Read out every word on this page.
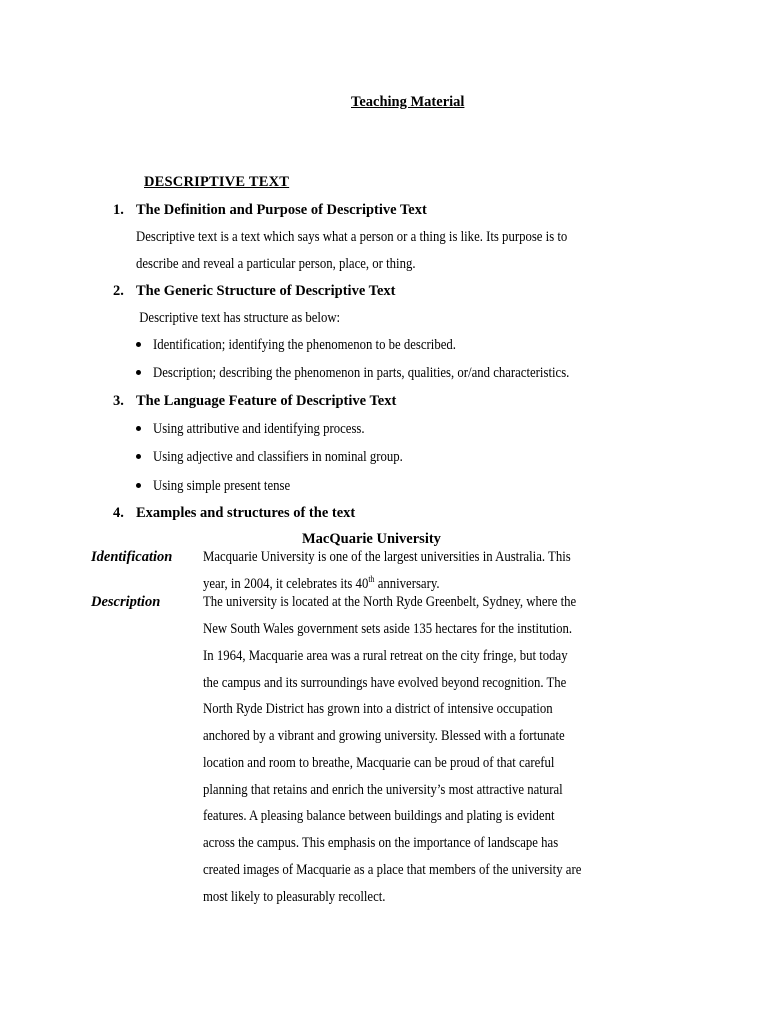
Teaching Material
DESCRIPTIVE TEXT
1. The Definition and Purpose of Descriptive Text
Descriptive text is a text which says what a person or a thing is like. Its purpose is to
describe and reveal a particular person, place, or thing.
2. The Generic Structure of Descriptive Text
Descriptive text has structure as below:
Identification; identifying the phenomenon to be described.
Description; describing the phenomenon in parts, qualities, or/and characteristics.
3. The Language Feature of Descriptive Text
Using attributive and identifying process.
Using adjective and classifiers in nominal group.
Using simple present tense
4. Examples and structures of the text
MacQuarie University
Identification Macquarie University is one of the largest universities in Australia. This
year, in 2004, it celebrates its 40th anniversary.
Description	The university is located at the North Ryde Greenbelt, Sydney, where the
New South Wales government sets aside 135 hectares for the institution.
In 1964, Macquarie area was a rural retreat on the city fringe, but today
the campus and its surroundings have evolved beyond recognition. The
North Ryde District has grown into a district of intensive occupation
anchored by a vibrant and growing university. Blessed with a fortunate
location and room to breathe, Macquarie can be proud of that careful
planning that retains and enrich the university’s most attractive natural
features. A pleasing balance between buildings and plating is evident
across the campus. This emphasis on the importance of landscape has
created images of Macquarie as a place that members of the university are
most likely to pleasurably recollect.
